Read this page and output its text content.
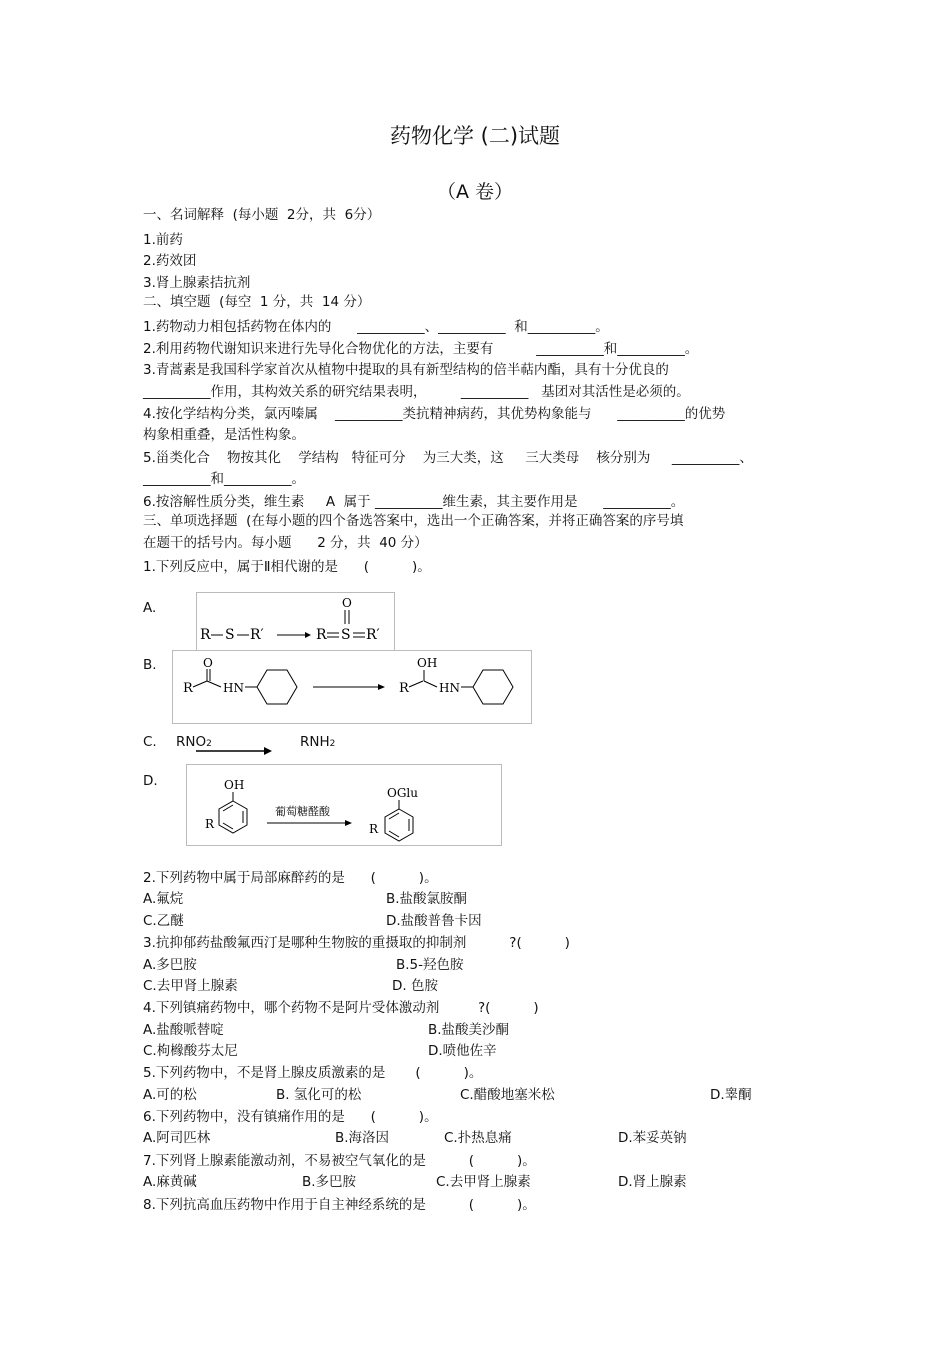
药物化学 (二)试题
（A 卷）
一、名词解释  (每小题  2分，共  6分）
1.前药
2.药效团
3.肾上腺素拮抗剂
二、填空题  (每空  1 分，共  14 分）
1.药物动力相包括药物在体内的      __________、__________  和__________。
2.利用药物代谢知识来进行先导化合物优化的方法，主要有          __________和__________。
3.青蒿素是我国科学家首次从植物中提取的具有新型结构的倍半萜内酯，具有十分优良的
__________作用，其构效关系的研究结果表明，        __________   基团对其活性是必须的。
4.按化学结构分类，氯丙嗪属    __________类抗精神病药，其优势构象能与      __________的优势
构象相重叠，是活性构象。
5.甾类化合    物按其化    学结构   特征可分    为三大类，这     三大类母    核分别为     __________、
__________和__________。
6.按溶解性质分类，维生素     A  属于 __________维生素，其主要作用是      __________。
三、单项选择题  (在每小题的四个备选答案中，选出一个正确答案，并将正确答案的序号填
在题干的括号内。每小题      2 分，共  40 分）
1.下列反应中，属于Ⅱ相代谢的是      (          )。
A.
R S R′	R S R′
O
B.
R
O
HN	R
OH
HN
C. RNO2	RNH2
D.	OH
R
葡萄糖醛酸
OGlu
R
2.下列药物中属于局部麻醉药的是      (          )。
A.氟烷	B.盐酸氯胺酮
C.乙醚	D.盐酸普鲁卡因
3.抗抑郁药盐酸氟西汀是哪种生物胺的重摄取的抑制剂          ?(          )
A.多巴胺	B.5-羟色胺
C.去甲肾上腺素	D. 色胺
4.下列镇痛药物中，哪个药物不是阿片受体激动剂         ?(          )
A.盐酸哌替啶	B.盐酸美沙酮
C.枸橼酸芬太尼	D.喷他佐辛
5.下列药物中，不是肾上腺皮质激素的是       (          )。
A.可的松	B. 氢化可的松	C.醋酸地塞米松	D.睾酮
6.下列药物中，没有镇痛作用的是      (          )。
A.阿司匹林	B.海洛因	C.扑热息痛	D.苯妥英钠
7.下列肾上腺素能激动剂，不易被空气氧化的是          (          )。
A.麻黄碱	B.多巴胺	C.去甲肾上腺素	D.肾上腺素
8.下列抗高血压药物中作用于自主神经系统的是          (          )。
